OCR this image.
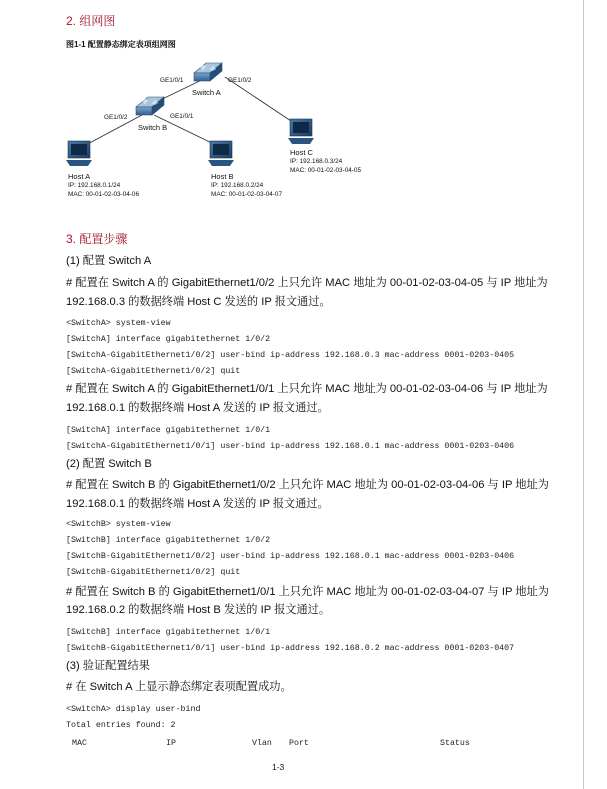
2. 组网图
图1-1 配置静态绑定表项组网图
GE1/0/1	GE1/0/2
Switch A
GE1/0/2	GE1/0/1
Switch B
Host A
IP: 192.168.0.1/24
MAC: 00-01-02-03-04-06
Host B
IP: 192.168.0.2/24
MAC: 00-01-02-03-04-07
Host C
IP: 192.168.0.3/24
MAC: 00-01-02-03-04-05
3. 配置步骤
(1) 配置 Switch A
# 配置在 Switch A 的 GigabitEthernet1/0/2 上只允许 MAC 地址为 00-01-02-03-04-05 与 IP 地址为
192.168.0.3 的数据终端 Host C 发送的 IP 报文通过。
<SwitchA> system-view
[SwitchA] interface gigabitethernet 1/0/2
[SwitchA-GigabitEthernet1/0/2] user-bind ip-address 192.168.0.3 mac-address 0001-0203-0405
[SwitchA-GigabitEthernet1/0/2] quit
# 配置在 Switch A 的 GigabitEthernet1/0/1 上只允许 MAC 地址为 00-01-02-03-04-06 与 IP 地址为
192.168.0.1 的数据终端 Host A 发送的 IP 报文通过。
[SwitchA] interface gigabitethernet 1/0/1
[SwitchA-GigabitEthernet1/0/1] user-bind ip-address 192.168.0.1 mac-address 0001-0203-0406
(2) 配置 Switch B
# 配置在 Switch B 的 GigabitEthernet1/0/2 上只允许 MAC 地址为 00-01-02-03-04-06 与 IP 地址为
192.168.0.1 的数据终端 Host A 发送的 IP 报文通过。
<SwitchB> system-view
[SwitchB] interface gigabitethernet 1/0/2
[SwitchB-GigabitEthernet1/0/2] user-bind ip-address 192.168.0.1 mac-address 0001-0203-0406
[SwitchB-GigabitEthernet1/0/2] quit
# 配置在 Switch B 的 GigabitEthernet1/0/1 上只允许 MAC 地址为 00-01-02-03-04-07 与 IP 地址为
192.168.0.2 的数据终端 Host B 发送的 IP 报文通过。
[SwitchB] interface gigabitethernet 1/0/1
[SwitchB-GigabitEthernet1/0/1] user-bind ip-address 192.168.0.2 mac-address 0001-0203-0407
(3) 验证配置结果
# 在 Switch A 上显示静态绑定表项配置成功。
<SwitchA> display user-bind
Total entries found: 2
MAC	IP	Vlan Port	Status
1-3
